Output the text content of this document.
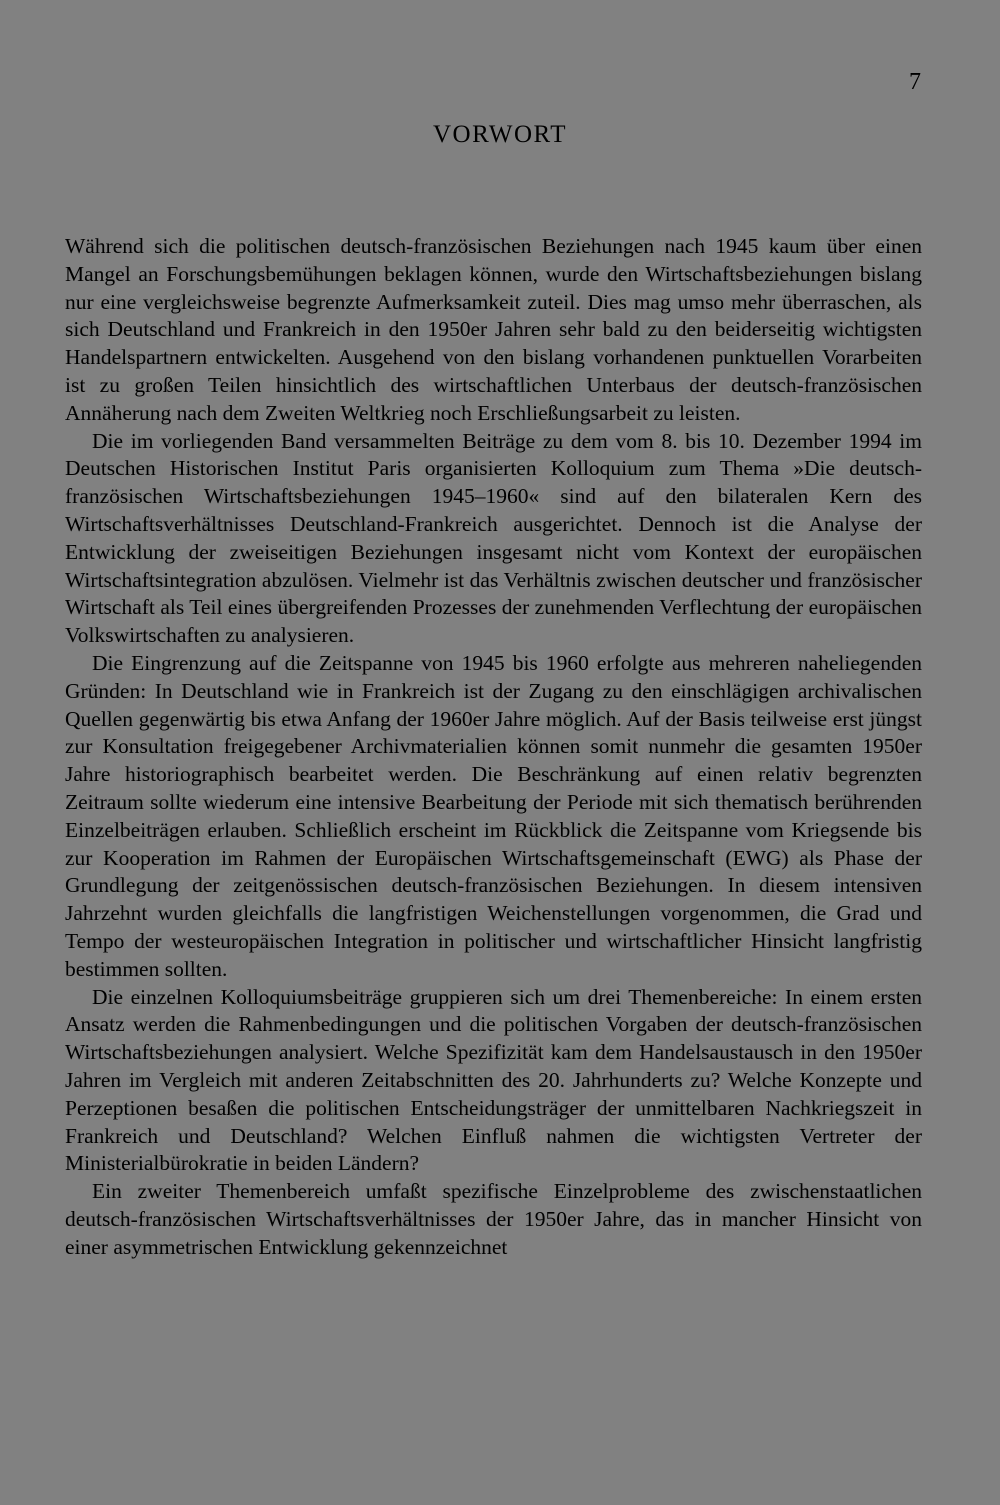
7
VORWORT

Während sich die politischen deutsch-französischen Beziehungen nach 1945 kaum über einen Mangel an Forschungsbemühungen beklagen können, wurde den Wirtschaftsbeziehungen bislang nur eine vergleichsweise begrenzte Aufmerksamkeit zuteil. Dies mag umso mehr überraschen, als sich Deutschland und Frankreich in den 1950er Jahren sehr bald zu den beiderseitig wichtigsten Handelspartnern entwickelten. Ausgehend von den bislang vorhandenen punktuellen Vorarbeiten ist zu großen Teilen hinsichtlich des wirtschaftlichen Unterbaus der deutsch-französischen Annäherung nach dem Zweiten Weltkrieg noch Erschließungsarbeit zu leisten.

Die im vorliegenden Band versammelten Beiträge zu dem vom 8. bis 10. Dezember 1994 im Deutschen Historischen Institut Paris organisierten Kolloquium zum Thema »Die deutsch-französischen Wirtschaftsbeziehungen 1945–1960« sind auf den bilateralen Kern des Wirtschaftsverhältnisses Deutschland-Frankreich ausgerichtet. Dennoch ist die Analyse der Entwicklung der zweiseitigen Beziehungen insgesamt nicht vom Kontext der europäischen Wirtschaftsintegration abzulösen. Vielmehr ist das Verhältnis zwischen deutscher und französischer Wirtschaft als Teil eines übergreifenden Prozesses der zunehmenden Verflechtung der europäischen Volkswirtschaften zu analysieren.

Die Eingrenzung auf die Zeitspanne von 1945 bis 1960 erfolgte aus mehreren naheliegenden Gründen: In Deutschland wie in Frankreich ist der Zugang zu den einschlägigen archivalischen Quellen gegenwärtig bis etwa Anfang der 1960er Jahre möglich. Auf der Basis teilweise erst jüngst zur Konsultation freigegebener Archivmaterialien können somit nunmehr die gesamten 1950er Jahre historiographisch bearbeitet werden. Die Beschränkung auf einen relativ begrenzten Zeitraum sollte wiederum eine intensive Bearbeitung der Periode mit sich thematisch berührenden Einzelbeiträgen erlauben. Schließlich erscheint im Rückblick die Zeitspanne vom Kriegsende bis zur Kooperation im Rahmen der Europäischen Wirtschaftsgemeinschaft (EWG) als Phase der Grundlegung der zeitgenössischen deutsch-französischen Beziehungen. In diesem intensiven Jahrzehnt wurden gleichfalls die langfristigen Weichenstellungen vorgenommen, die Grad und Tempo der westeuropäischen Integration in politischer und wirtschaftlicher Hinsicht langfristig bestimmen sollten.

Die einzelnen Kolloquiumsbeiträge gruppieren sich um drei Themenbereiche: In einem ersten Ansatz werden die Rahmenbedingungen und die politischen Vorgaben der deutsch-französischen Wirtschaftsbeziehungen analysiert. Welche Spezifizität kam dem Handelsaustausch in den 1950er Jahren im Vergleich mit anderen Zeitabschnitten des 20. Jahrhunderts zu? Welche Konzepte und Perzeptionen besaßen die politischen Entscheidungsträger der unmittelbaren Nachkriegszeit in Frankreich und Deutschland? Welchen Einfluß nahmen die wichtigsten Vertreter der Ministerialbürokratie in beiden Ländern?

Ein zweiter Themenbereich umfaßt spezifische Einzelprobleme des zwischenstaatlichen deutsch-französischen Wirtschaftsverhältnisses der 1950er Jahre, das in mancher Hinsicht von einer asymmetrischen Entwicklung gekennzeichnet
